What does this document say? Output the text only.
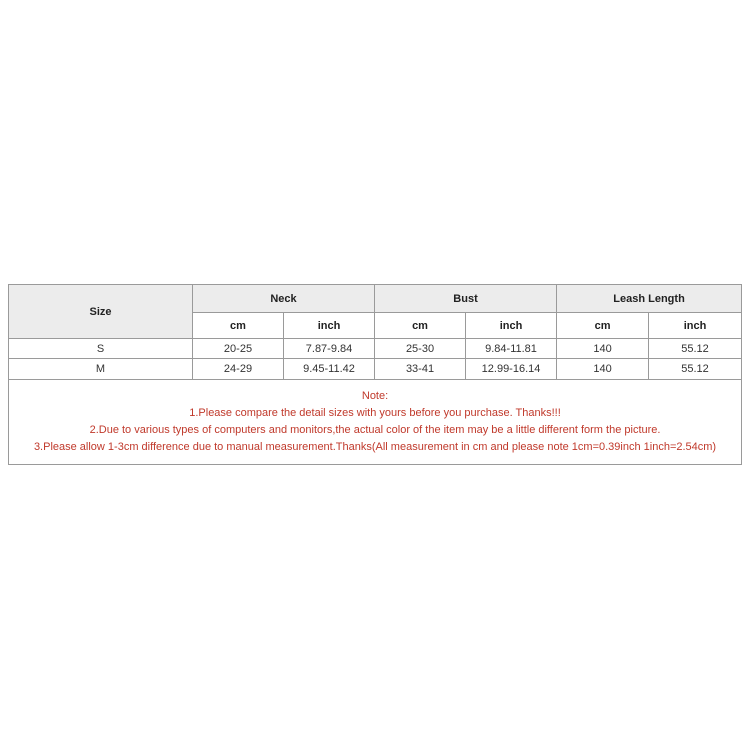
Size	Neck		Bust		Leash Length	
	cm	inch	cm	inch	cm	inch
S	20-25	7.87-9.84	25-30	9.84-11.81	140	55.12
M	24-29	9.45-11.42	33-41	12.99-16.14	140	55.12

Note:
1.Please compare the detail sizes with yours before you purchase. Thanks!!!
2.Due to various types of computers and monitors,the actual color of the item may be a little different form the picture.
3.Please allow 1-3cm difference due to manual measurement.Thanks(All measurement in cm and please note 1cm=0.39inch 1inch=2.54cm)						
